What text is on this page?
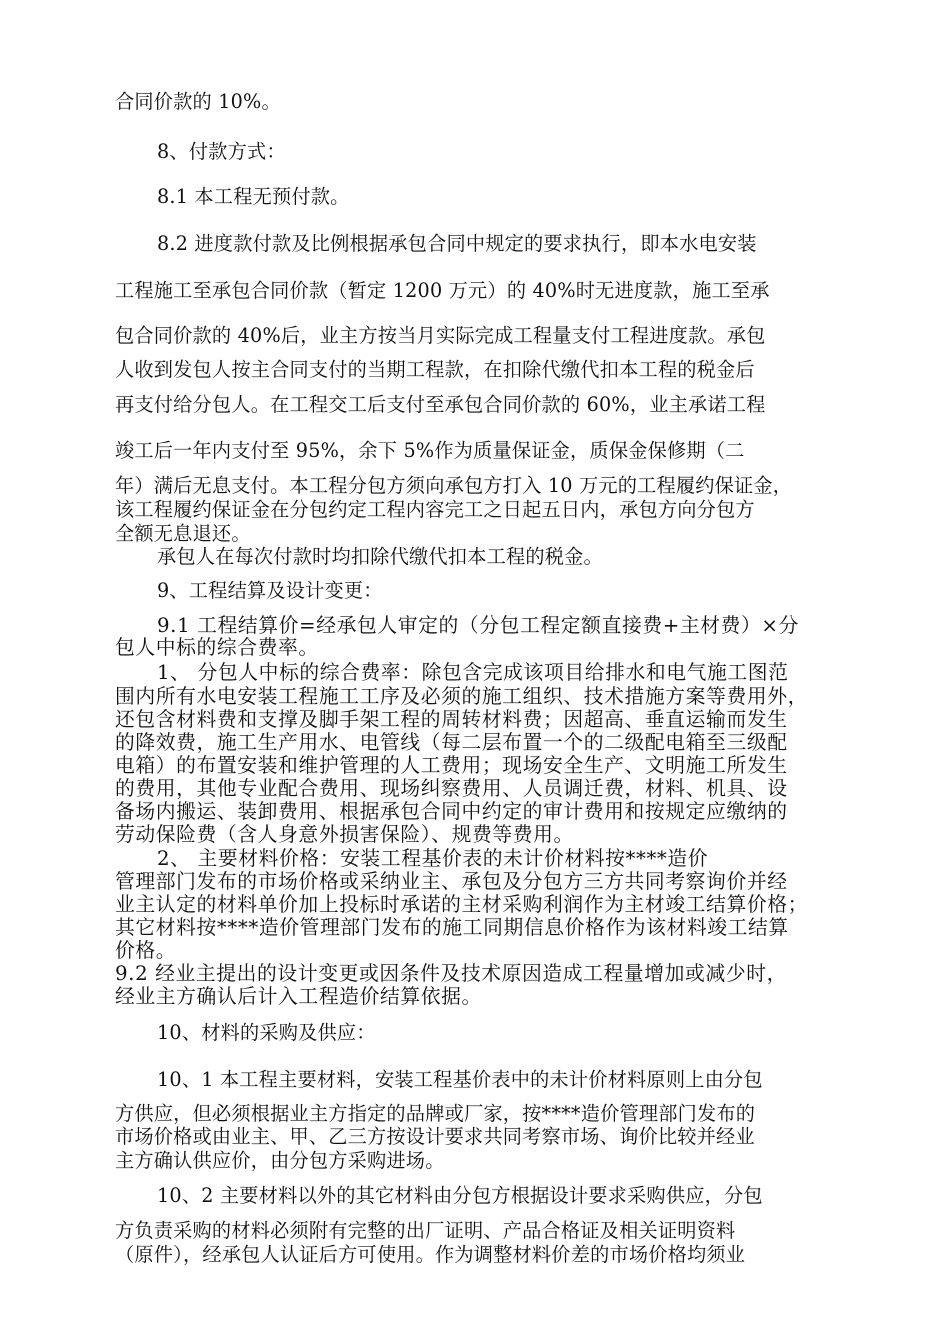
合同价款的 10%。
8、付款方式：
8.1 本工程无预付款。
8.2 进度款付款及比例根据承包合同中规定的要求执行，即本水电安装
工程施工至承包合同价款（暂定 1200 万元）的 40%时无进度款，施工至承
包合同价款的 40%后，业主方按当月实际完成工程量支付工程进度款。承包
人收到发包人按主合同支付的当期工程款，在扣除代缴代扣本工程的税金后
再支付给分包人。在工程交工后支付至承包合同价款的 60%，业主承诺工程
竣工后一年内支付至 95%，余下 5%作为质量保证金，质保金保修期（二
年）满后无息支付。本工程分包方须向承包方打入 10 万元的工程履约保证金，
该工程履约保证金在分包约定工程内容完工之日起五日内，承包方向分包方
全额无息退还。
承包人在每次付款时均扣除代缴代扣本工程的税金。
9、工程结算及设计变更：
9.1 工程结算价=经承包人审定的（分包工程定额直接费+主材费）×分
包人中标的综合费率。
1、 分包人中标的综合费率：除包含完成该项目给排水和电气施工图范
围内所有水电安装工程施工工序及必须的施工组织、技术措施方案等费用外，
还包含材料费和支撑及脚手架工程的周转材料费；因超高、垂直运输而发生
的降效费，施工生产用水、电管线（每二层布置一个的二级配电箱至三级配
电箱）的布置安装和维护管理的人工费用；现场安全生产、文明施工所发生
的费用，其他专业配合费用、现场纠察费用、人员调迁费，材料、机具、设
备场内搬运、装卸费用、根据承包合同中约定的审计费用和按规定应缴纳的
劳动保险费（含人身意外损害保险）、规费等费用。
2、 主要材料价格：安装工程基价表的未计价材料按****造价
管理部门发布的市场价格或采纳业主、承包及分包方三方共同考察询价并经
业主认定的材料单价加上投标时承诺的主材采购利润作为主材竣工结算价格；
其它材料按****造价管理部门发布的施工同期信息价格作为该材料竣工结算
价格。
9.2 经业主提出的设计变更或因条件及技术原因造成工程量增加或减少时，
经业主方确认后计入工程造价结算依据。
10、材料的采购及供应：
10、1 本工程主要材料，安装工程基价表中的未计价材料原则上由分包
方供应，但必须根据业主方指定的品牌或厂家，按****造价管理部门发布的
市场价格或由业主、甲、乙三方按设计要求共同考察市场、询价比较并经业
主方确认供应价，由分包方采购进场。
10、2 主要材料以外的其它材料由分包方根据设计要求采购供应，分包
方负责采购的材料必须附有完整的出厂证明、产品合格证及相关证明资料
（原件），经承包人认证后方可使用。作为调整材料价差的市场价格均须业
